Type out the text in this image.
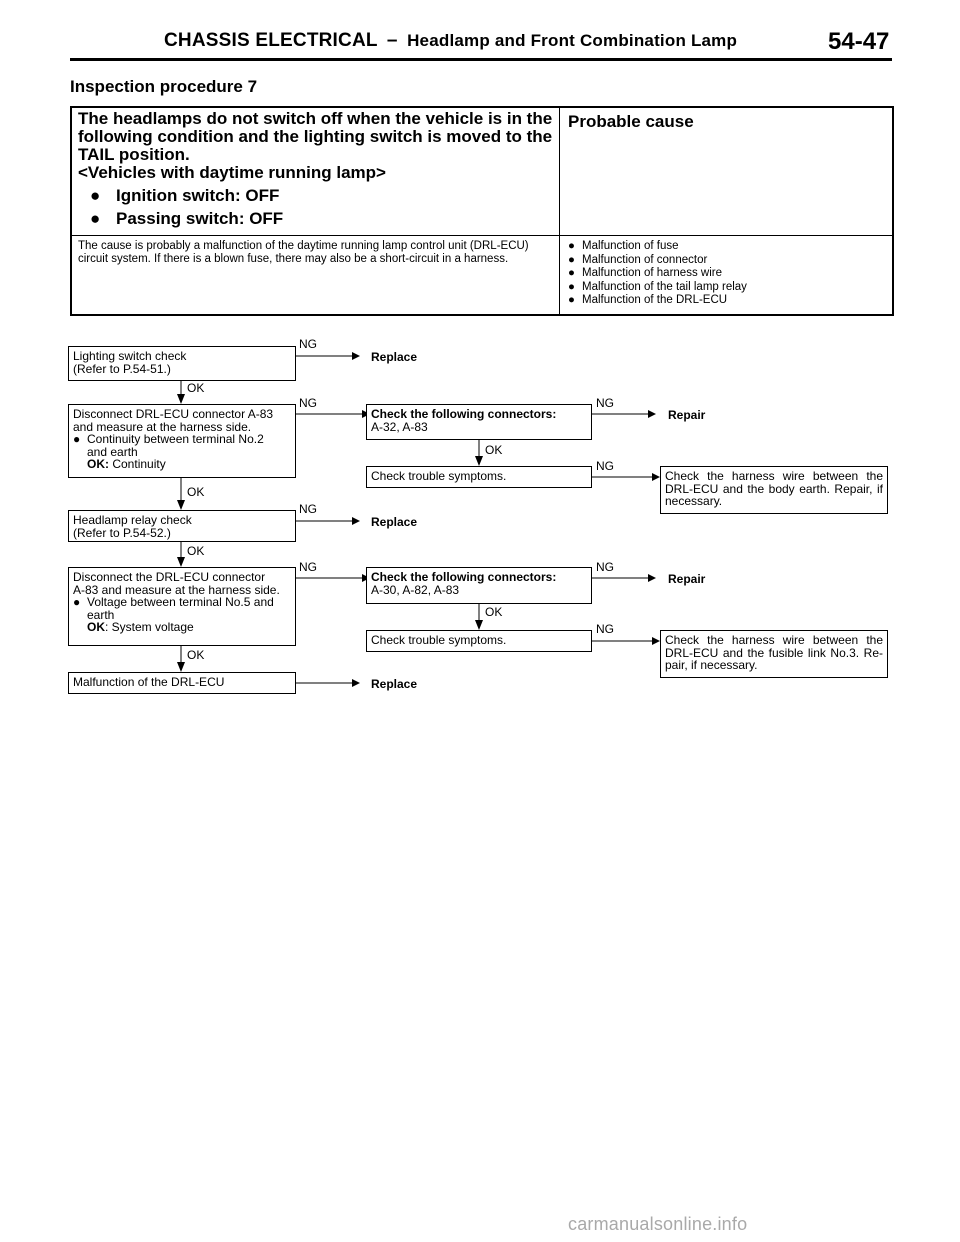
CHASSIS ELECTRICAL – Headlamp and Front Combination Lamp	54-47
Inspection procedure 7
The headlamps do not switch off when the vehicle is in the
following condition and the lighting switch is moved to the
TAIL position.
<Vehicles with daytime running lamp>
● Ignition switch: OFF
● Passing switch: OFF
Probable cause
The cause is probably a malfunction of the daytime running lamp control unit (DRL-ECU) circuit system. If there is a blown fuse, there may also be a short-circuit in a harness.
● Malfunction of fuse
● Malfunction of connector
● Malfunction of harness wire
● Malfunction of the tail lamp relay
● Malfunction of the DRL-ECU
Lighting switch check
(Refer to P.54-51.)
NG
Replace
OK
Disconnect DRL-ECU connector A-83
and measure at the harness side.
● Continuity between terminal No.2
and earth
OK: Continuity
NG
Check the following connectors:
A-32, A-83
NG
Repair
OK
Check trouble symptoms.
NG
Check the harness wire between the DRL-ECU and the body earth. Repair, if necessary.
OK
Headlamp relay check
(Refer to P.54-52.)
NG
Replace
OK
Disconnect the DRL-ECU connector
A-83 and measure at the harness side.
● Voltage between terminal No.5 and
earth
OK: System voltage
NG
Check the following connectors:
A-30, A-82, A-83
NG
Repair
OK
Check trouble symptoms.
NG
Check the harness wire between the DRL-ECU and the fusible link No.3. Re-pair, if necessary.
OK
Malfunction of the DRL-ECU	Replace
carmanualsonline.info
